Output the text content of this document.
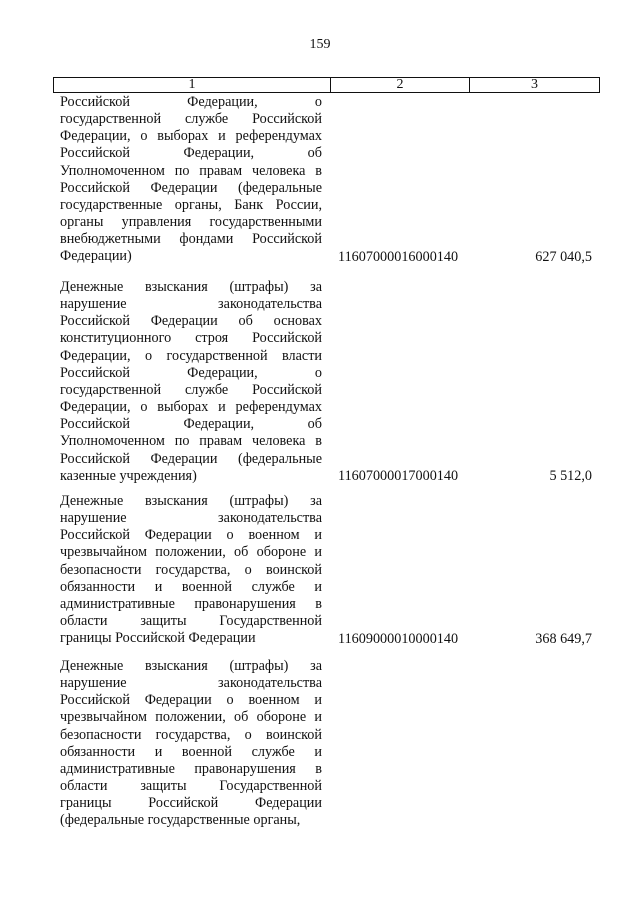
159
1	2	3
Российской Федерации, о
государственной службе Российской
Федерации, о выборах и референдумах
Российской Федерации, об
Уполномоченном по правам человека в
Российской Федерации (федеральные
государственные органы, Банк России,
органы управления государственными
внебюджетными фондами Российской
Федерации)	11607000016000140	627 040,5
Денежные взыскания (штрафы) за
нарушение законодательства
Российской Федерации об основах
конституционного строя Российской
Федерации, о государственной власти
Российской Федерации, о
государственной службе Российской
Федерации, о выборах и референдумах
Российской Федерации, об
Уполномоченном по правам человека в
Российской Федерации (федеральные
казенные учреждения)	11607000017000140	5 512,0
Денежные взыскания (штрафы) за
нарушение законодательства
Российской Федерации о военном и
чрезвычайном положении, об обороне и
безопасности государства, о воинской
обязанности и военной службе и
административные правонарушения в
области защиты Государственной
границы Российской Федерации	11609000010000140	368 649,7
Денежные взыскания (штрафы) за
нарушение законодательства
Российской Федерации о военном и
чрезвычайном положении, об обороне и
безопасности государства, о воинской
обязанности и военной службе и
административные правонарушения в
области защиты Государственной
границы Российской Федерации
(федеральные государственные органы,
